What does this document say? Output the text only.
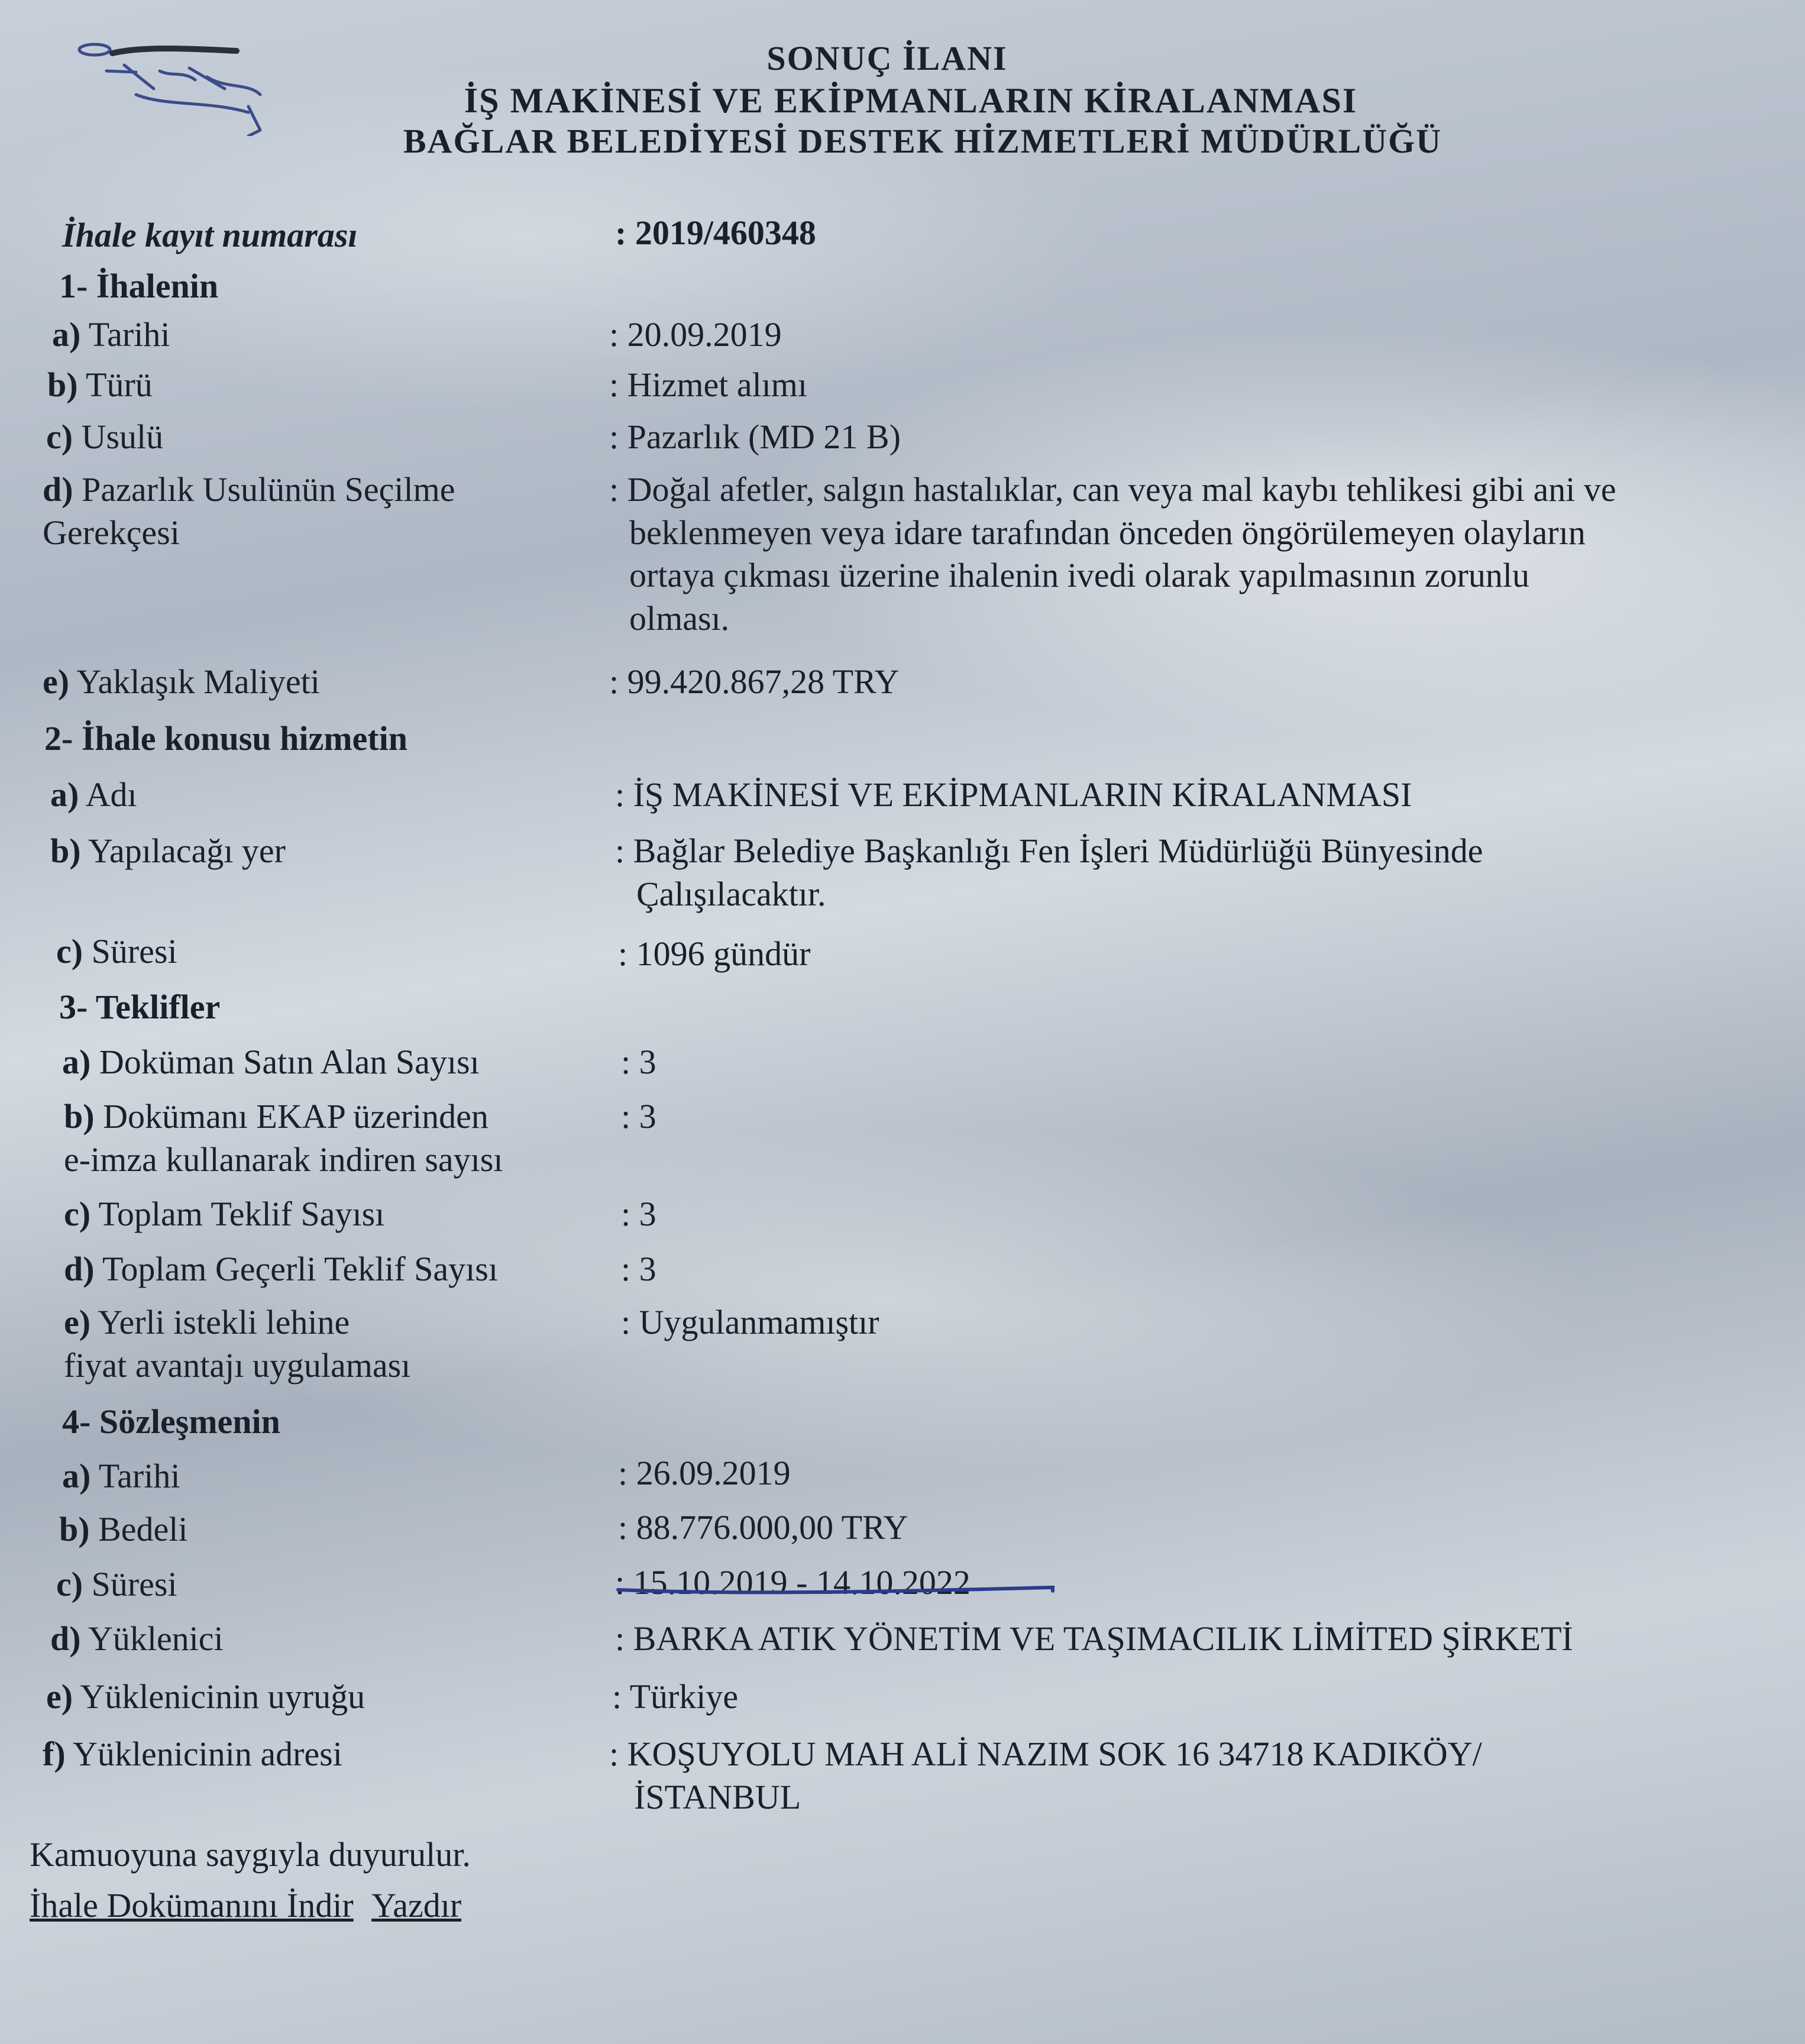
SONUÇ İLANI
İŞ MAKİNESİ VE EKİPMANLARIN KİRALANMASI
BAĞLAR BELEDİYESİ DESTEK HİZMETLERİ MÜDÜRLÜĞÜ
İhale kayıt numarası	: 2019/460348
1- İhalenin
a) Tarihi	: 20.09.2019
b) Türü	: Hizmet alımı
c) Usulü	: Pazarlık (MD 21 B)
d) Pazarlık Usulünün Seçilme
Gerekçesi
: Doğal afetler, salgın hastalıklar, can veya mal kaybı tehlikesi gibi ani ve
beklenmeyen veya idare tarafından önceden öngörülemeyen olayların
ortaya çıkması üzerine ihalenin ivedi olarak yapılmasının zorunlu
olması.
e) Yaklaşık Maliyeti	: 99.420.867,28 TRY
2- İhale konusu hizmetin
a) Adı	: İŞ MAKİNESİ VE EKİPMANLARIN KİRALANMASI
b) Yapılacağı yer	: Bağlar Belediye Başkanlığı Fen İşleri Müdürlüğü Bünyesinde
Çalışılacaktır.
c) Süresi	: 1096 gündür
3- Teklifler
a) Doküman Satın Alan Sayısı	: 3
b) Dokümanı EKAP üzerinden
e-imza kullanarak indiren sayısı
: 3
c) Toplam Teklif Sayısı	: 3
d) Toplam Geçerli Teklif Sayısı	: 3
e) Yerli istekli lehine
fiyat avantajı uygulaması
: Uygulanmamıştır
4- Sözleşmenin
a) Tarihi	: 26.09.2019
b) Bedeli	: 88.776.000,00 TRY
c) Süresi	: 15.10.2019 - 14.10.2022
d) Yüklenici	: BARKA ATIK YÖNETİM VE TAŞIMACILIK LİMİTED ŞİRKETİ
e) Yüklenicinin uyruğu	: Türkiye
f) Yüklenicinin adresi	: KOŞUYOLU MAH ALİ NAZIM SOK 16 34718 KADIKÖY/
İSTANBUL
Kamuoyuna saygıyla duyurulur.
İhale Dokümanını İndir Yazdır
